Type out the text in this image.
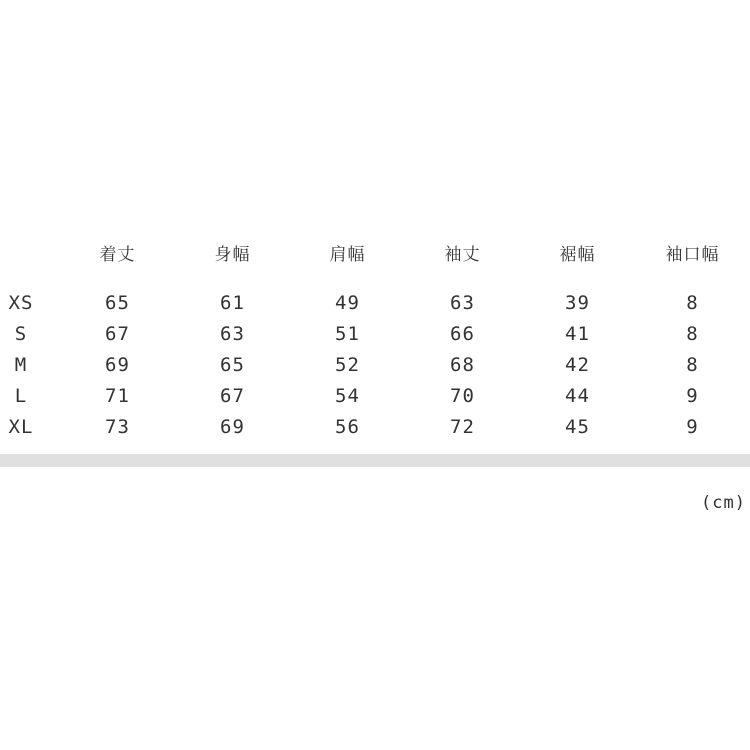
	着丈	身幅	肩幅	袖丈	裾幅	袖口幅
XS	65	61	49	63	39	8
S	67	63	51	66	41	8
M	69	65	52	68	42	8
L	71	67	54	70	44	9
XL	73	69	56	72	45	9
(cm)
